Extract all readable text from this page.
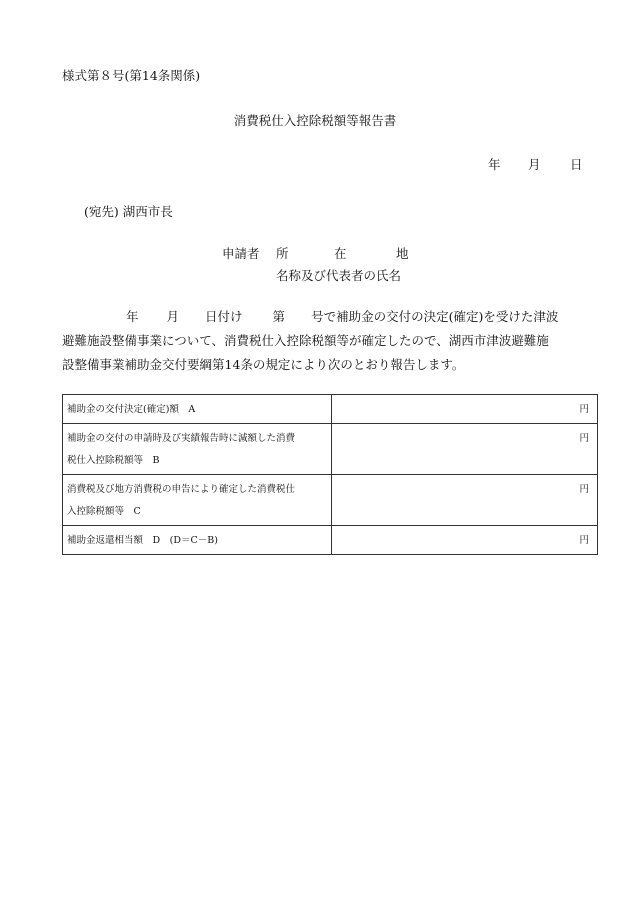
様式第８号(第14条関係)
消費税仕入控除税額等報告書
年	月	日
(宛先) 湖西市長
申請者 所	在	地
名称及び代表者の氏名
年 月 日付け 第 号で補助金の交付の決定(確定)を受けた津波
避難施設整備事業について、消費税仕入控除税額等が確定したので、湖西市津波避難施
設整備事業補助金交付要綱第14条の規定により次のとおり報告します。
補助金の交付決定(確定)額　A	円
補助金の交付の申請時及び実績報告時に減額した消費
税仕入控除税額等　B	円
消費税及び地方消費税の申告により確定した消費税仕
入控除税額等　C	円
補助金返還相当額　D　(D＝C－B)	円
